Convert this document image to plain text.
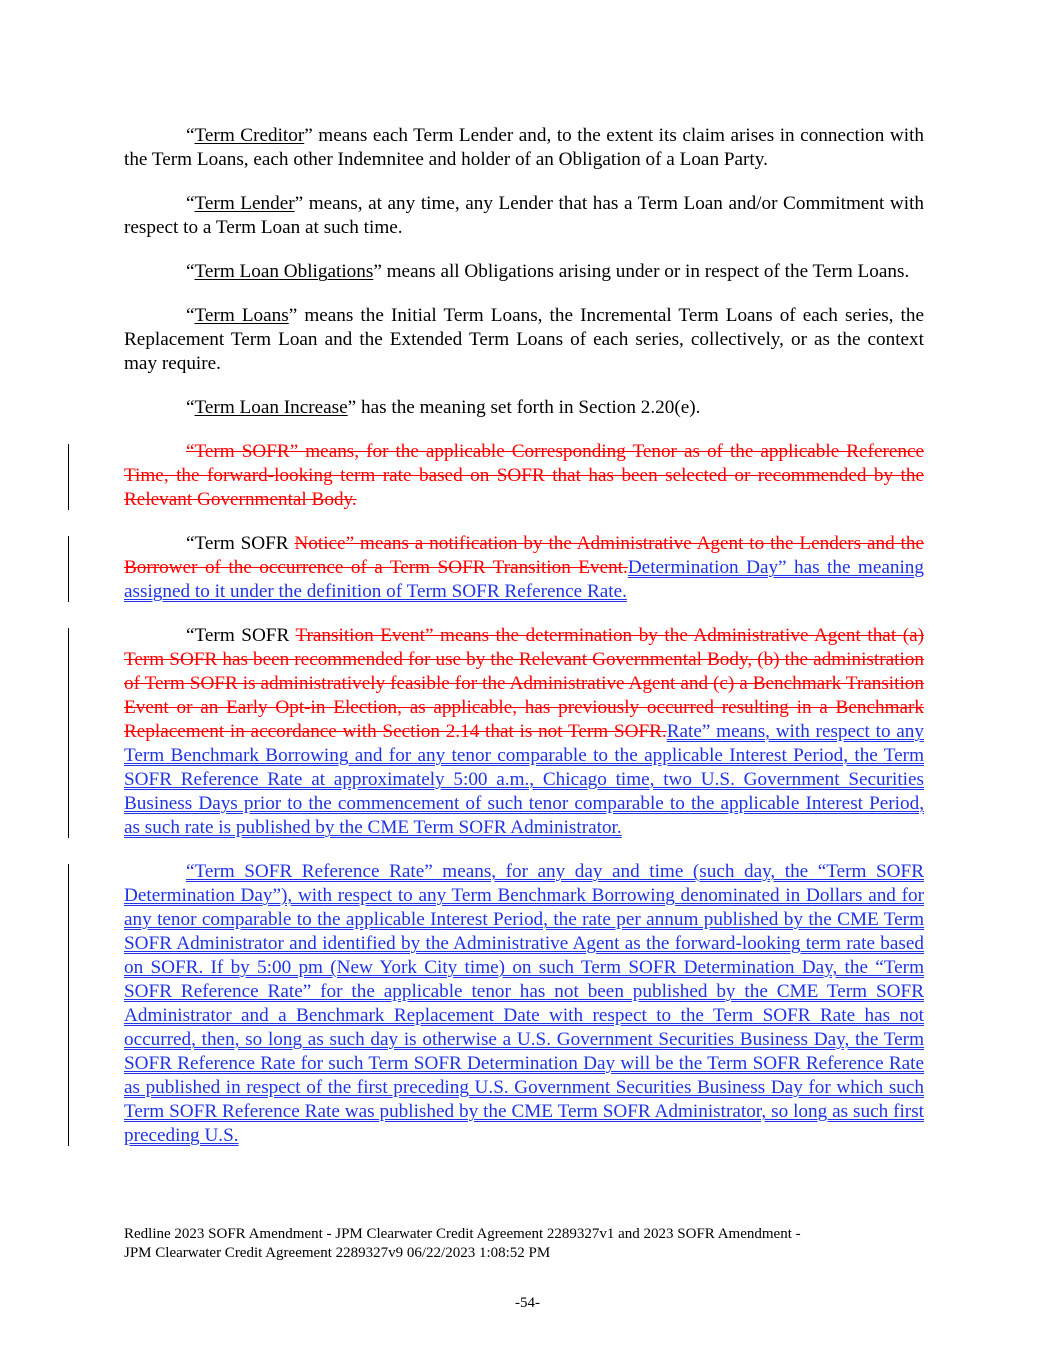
“Term Creditor” means each Term Lender and, to the extent its claim arises in connection with the Term Loans, each other Indemnitee and holder of an Obligation of a Loan Party.

“Term Lender” means, at any time, any Lender that has a Term Loan and/or Commitment with respect to a Term Loan at such time.

“Term Loan Obligations” means all Obligations arising under or in respect of the Term Loans.

“Term Loans” means the Initial Term Loans, the Incremental Term Loans of each series, the Replacement Term Loan and the Extended Term Loans of each series, collectively, or as the context may require.

“Term Loan Increase” has the meaning set forth in Section 2.20(e).

“Term SOFR” means, for the applicable Corresponding Tenor as of the applicable Reference Time, the forward-looking term rate based on SOFR that has been selected or recommended by the Relevant Governmental Body.

“Term SOFR Notice” means a notification by the Administrative Agent to the Lenders and the Borrower of the occurrence of a Term SOFR Transition Event.Determination Day” has the meaning assigned to it under the definition of Term SOFR Reference Rate.

“Term SOFR Transition Event” means the determination by the Administrative Agent that (a) Term SOFR has been recommended for use by the Relevant Governmental Body, (b) the administration of Term SOFR is administratively feasible for the Administrative Agent and (c) a Benchmark Transition Event or an Early Opt-in Election, as applicable, has previously occurred resulting in a Benchmark Replacement in accordance with Section 2.14 that is not Term SOFR.Rate” means, with respect to any Term Benchmark Borrowing and for any tenor comparable to the applicable Interest Period, the Term SOFR Reference Rate at approximately 5:00 a.m., Chicago time, two U.S. Government Securities Business Days prior to the commencement of such tenor comparable to the applicable Interest Period, as such rate is published by the CME Term SOFR Administrator.

“Term SOFR Reference Rate” means, for any day and time (such day, the “Term SOFR Determination Day”), with respect to any Term Benchmark Borrowing denominated in Dollars and for any tenor comparable to the applicable Interest Period, the rate per annum published by the CME Term SOFR Administrator and identified by the Administrative Agent as the forward-looking term rate based on SOFR. If by 5:00 pm (New York City time) on such Term SOFR Determination Day, the “Term SOFR Reference Rate” for the applicable tenor has not been published by the CME Term SOFR Administrator and a Benchmark Replacement Date with respect to the Term SOFR Rate has not occurred, then, so long as such day is otherwise a U.S. Government Securities Business Day, the Term SOFR Reference Rate for such Term SOFR Determination Day will be the Term SOFR Reference Rate as published in respect of the first preceding U.S. Government Securities Business Day for which such Term SOFR Reference Rate was published by the CME Term SOFR Administrator, so long as such first preceding U.S.

Redline 2023 SOFR Amendment - JPM Clearwater Credit Agreement 2289327v1 and 2023 SOFR Amendment -
JPM Clearwater Credit Agreement 2289327v9 06/22/2023 1:08:52 PM
-54-
